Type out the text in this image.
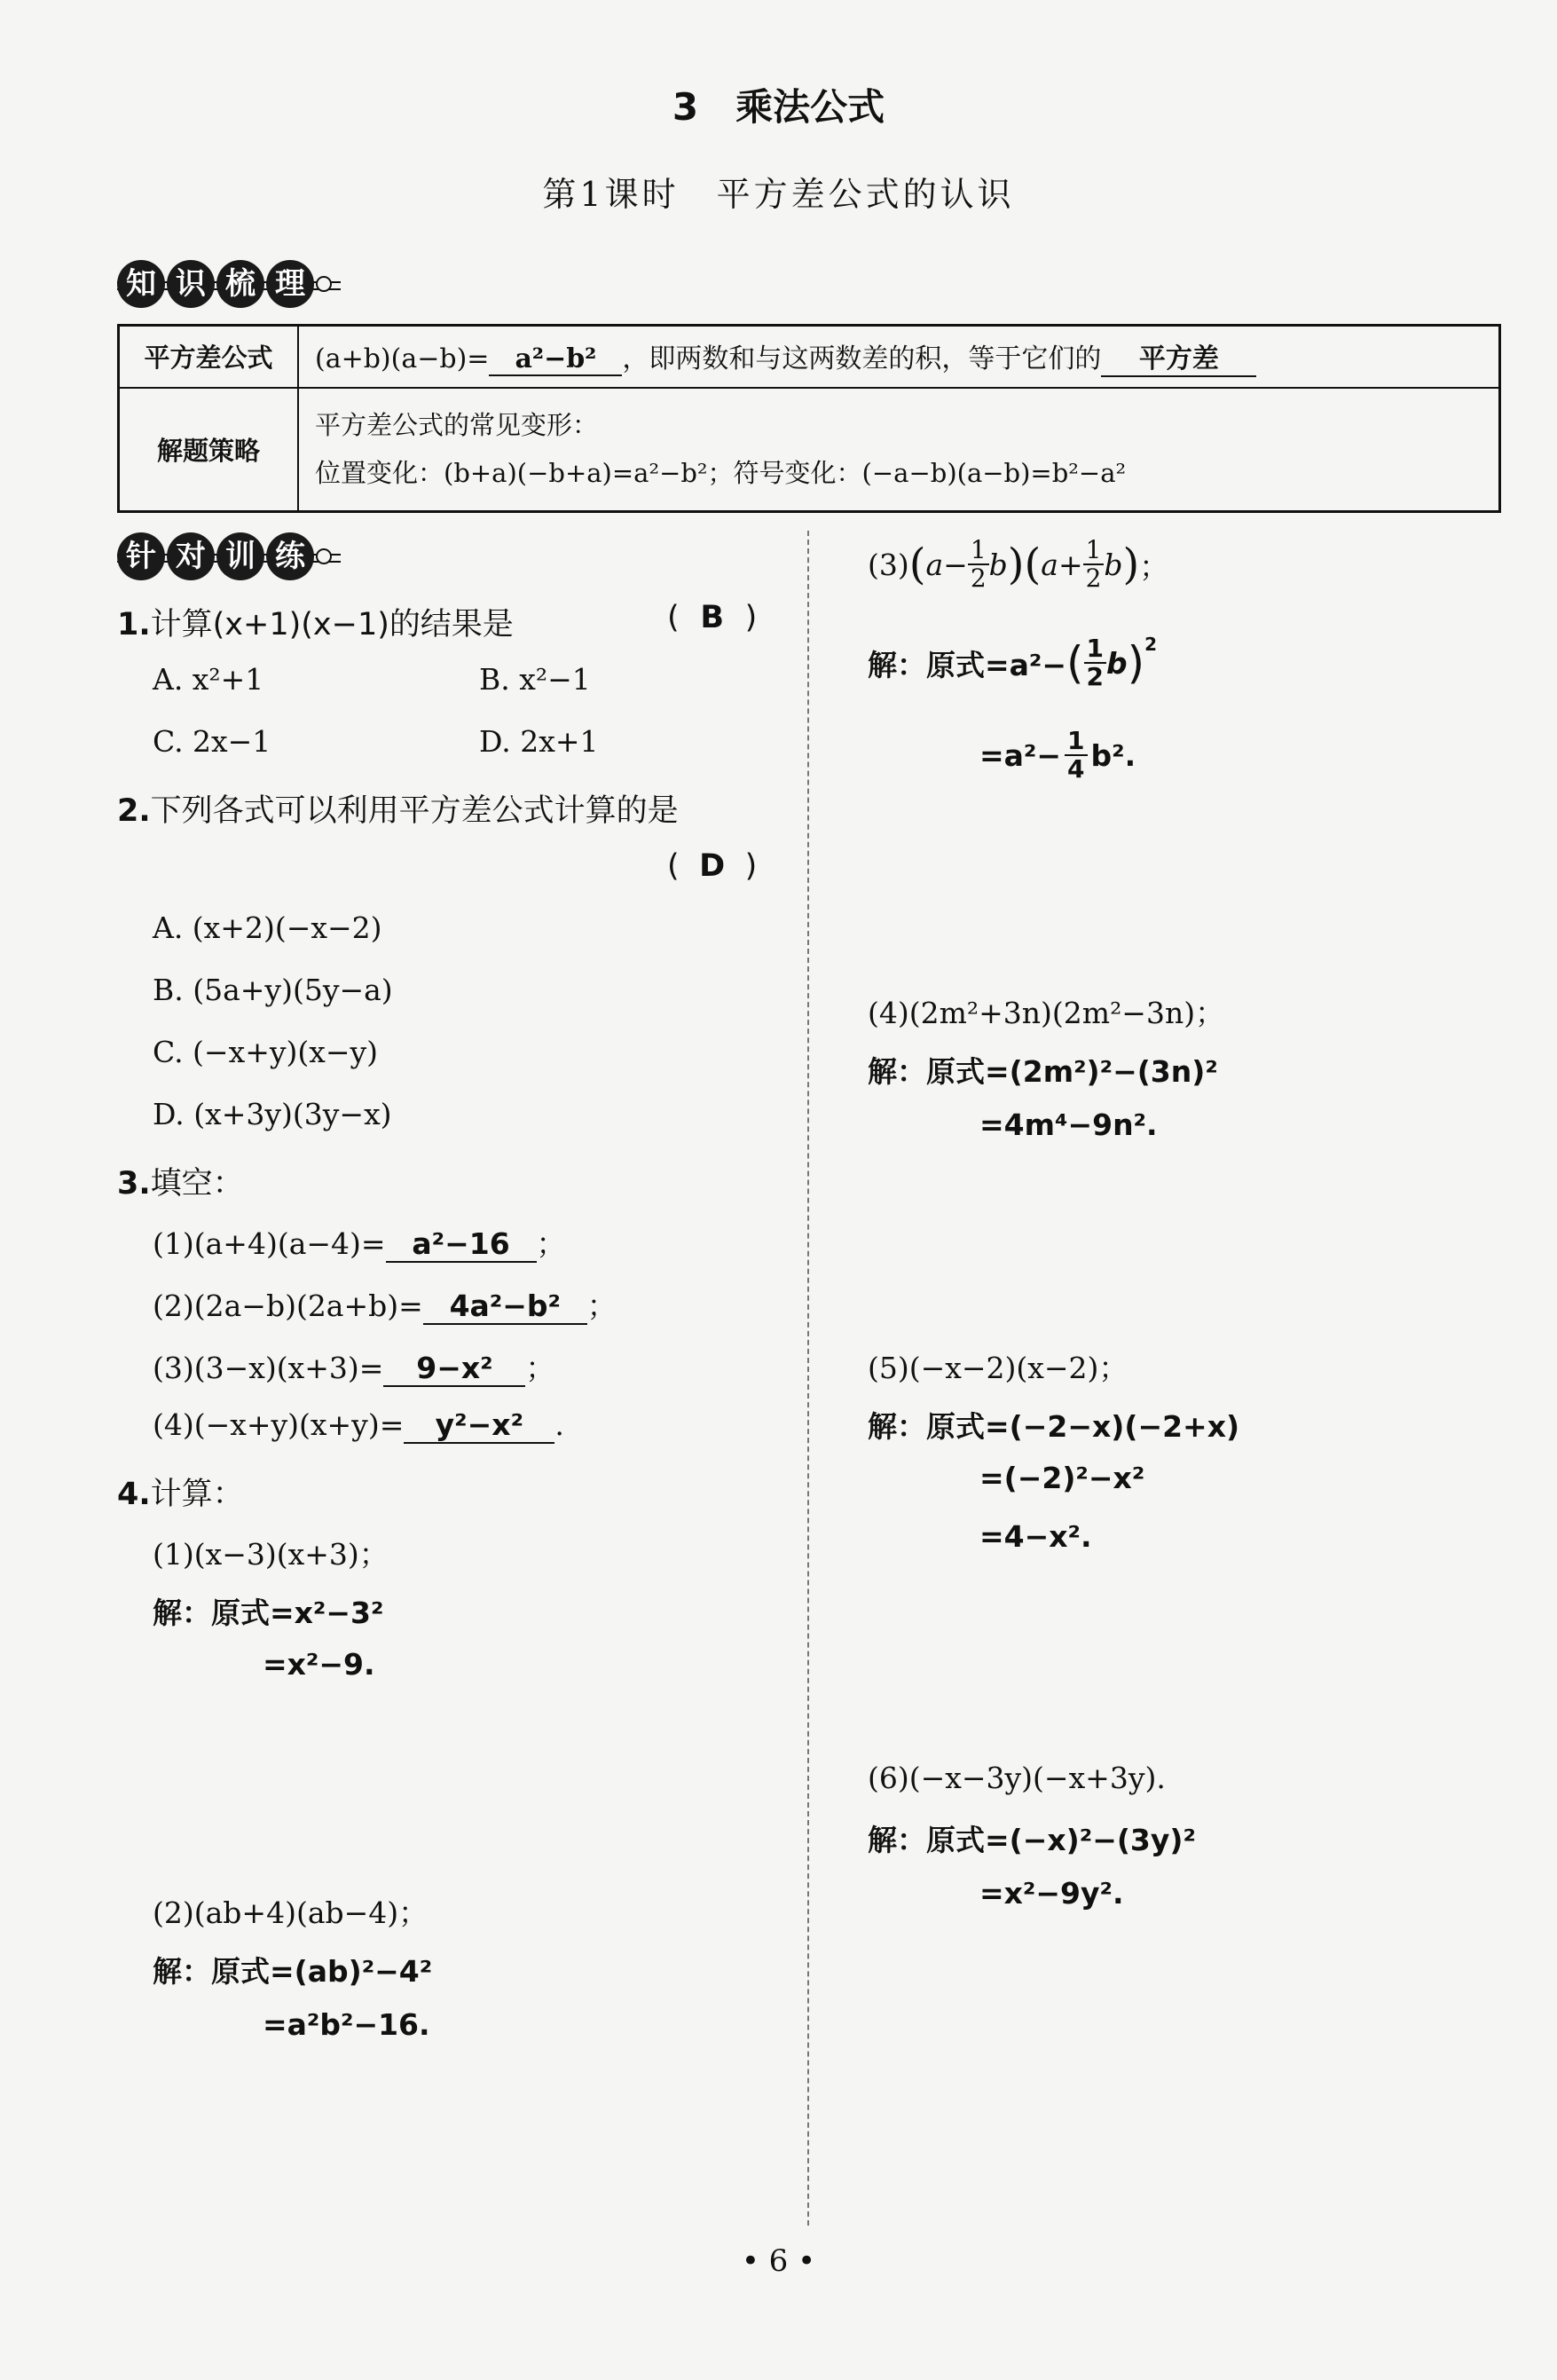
3　乘法公式
第1课时　平方差公式的认识
知 识 梳 理
平方差公式	(a+b)(a−b)= a²−b² ，即两数和与这两数差的积，等于它们的 平方差
解题策略	平方差公式的常见变形：
位置变化：(b+a)(−b+a)=a²−b²；符号变化：(−a−b)(a−b)=b²−a²
针 对 训 练
1.计算(x+1)(x−1)的结果是	( B )
A. x²+1	B. x²−1
C. 2x−1	D. 2x+1
2.下列各式可以利用平方差公式计算的是
( D )
A. (x+2)(−x−2)
B. (5a+y)(5y−a)
C. (−x+y)(x−y)
D. (x+3y)(3y−x)
3.填空：
(1)(a+4)(a−4)= a²−16 ；
(2)(2a−b)(2a+b)= 4a²−b² ；
(3)(3−x)(x+3)= 9−x² ；
(4)(−x+y)(x+y)= y²−x² .
4.计算：
(1)(x−3)(x+3)；
解：原式=x²−3²
=x²−9.
(2)(ab+4)(ab−4)；
解：原式=(ab)²−4²
=a²b²−16.
(3) ( $a- \frac{1}{2}$ b ) ( $a+ \frac{1}{2}$ b ) ；
解：原式=a²− ( 1
2 b ) 2
$=a^2- \frac{1}{4} b^2$.
(4)(2m²+3n)(2m²−3n)；
解：原式=(2m²)²−(3n)²
=4m⁴−9n².
(5)(−x−2)(x−2)；
解：原式=(−2−x)(−2+x)
=(−2)²−x²
=4−x².
(6)(−x−3y)(−x+3y).
解：原式=(−x)²−(3y)²
=x²−9y².
• 6 •
